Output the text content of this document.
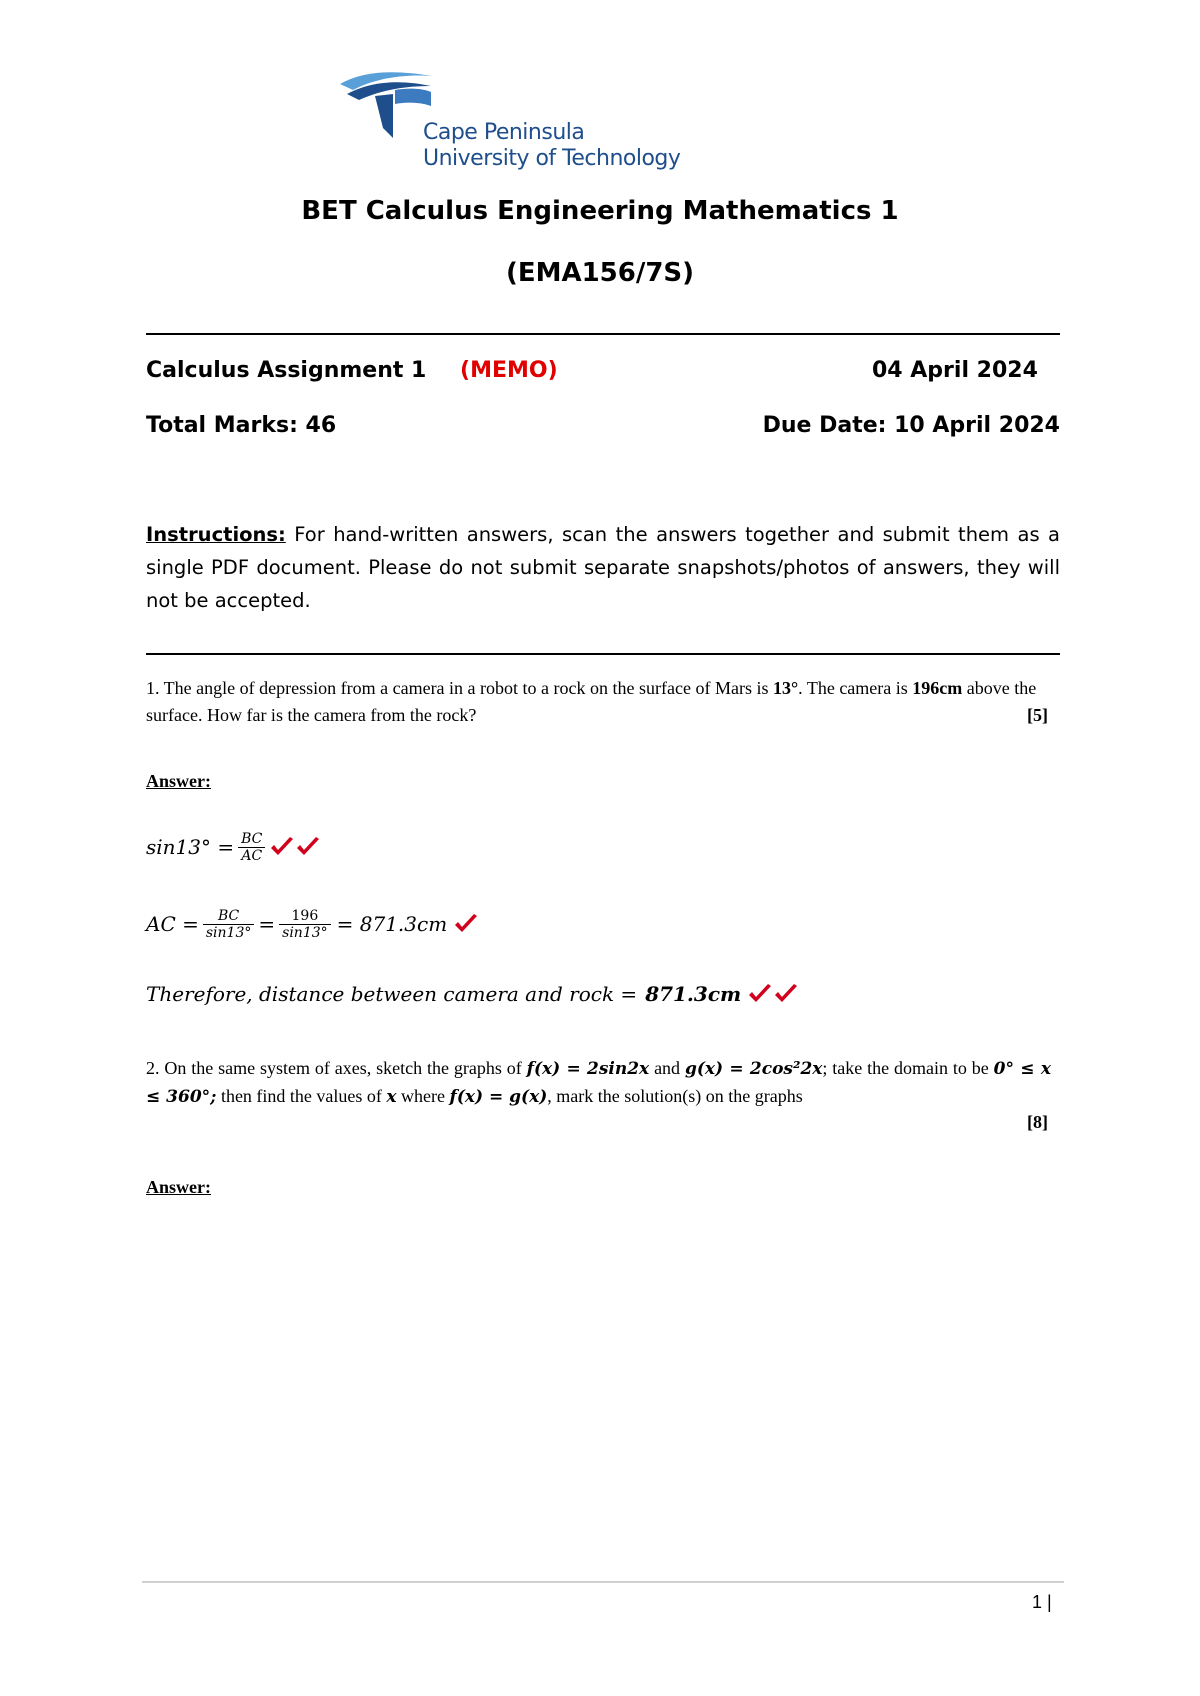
Cape Peninsula
University of Technology
BET Calculus Engineering Mathematics 1
(EMA156/7S)
Calculus Assignment 1 (MEMO)	04 April 2024
Total Marks: 46	Due Date: 10 April 2024
Instructions: For hand-written answers, scan the answers together and submit them as a single PDF document. Please do not submit separate snapshots/photos of answers, they will not be accepted.
1. The angle of depression from a camera in a robot to a rock on the surface of Mars is 13°. The camera is 196cm above the surface. How far is the camera from the rock?	[5]
Answer:
$\sin 13^\circ = \frac{BC}{AC}$
AC = $\frac{BC}{\sin 13^\circ} = \frac{196}{\sin 13^\circ} = 871.3cm$
Therefore, distance between camera and rock = 871.3cm
2. On the same system of axes, sketch the graphs of f(x) = 2sin2x and g(x) = 2cos²2x; take the domain to be 0° ≤ x ≤ 360°; then find the values of x where f(x) = g(x), mark the solution(s) on the graphs
[8]
Answer:
1 |
